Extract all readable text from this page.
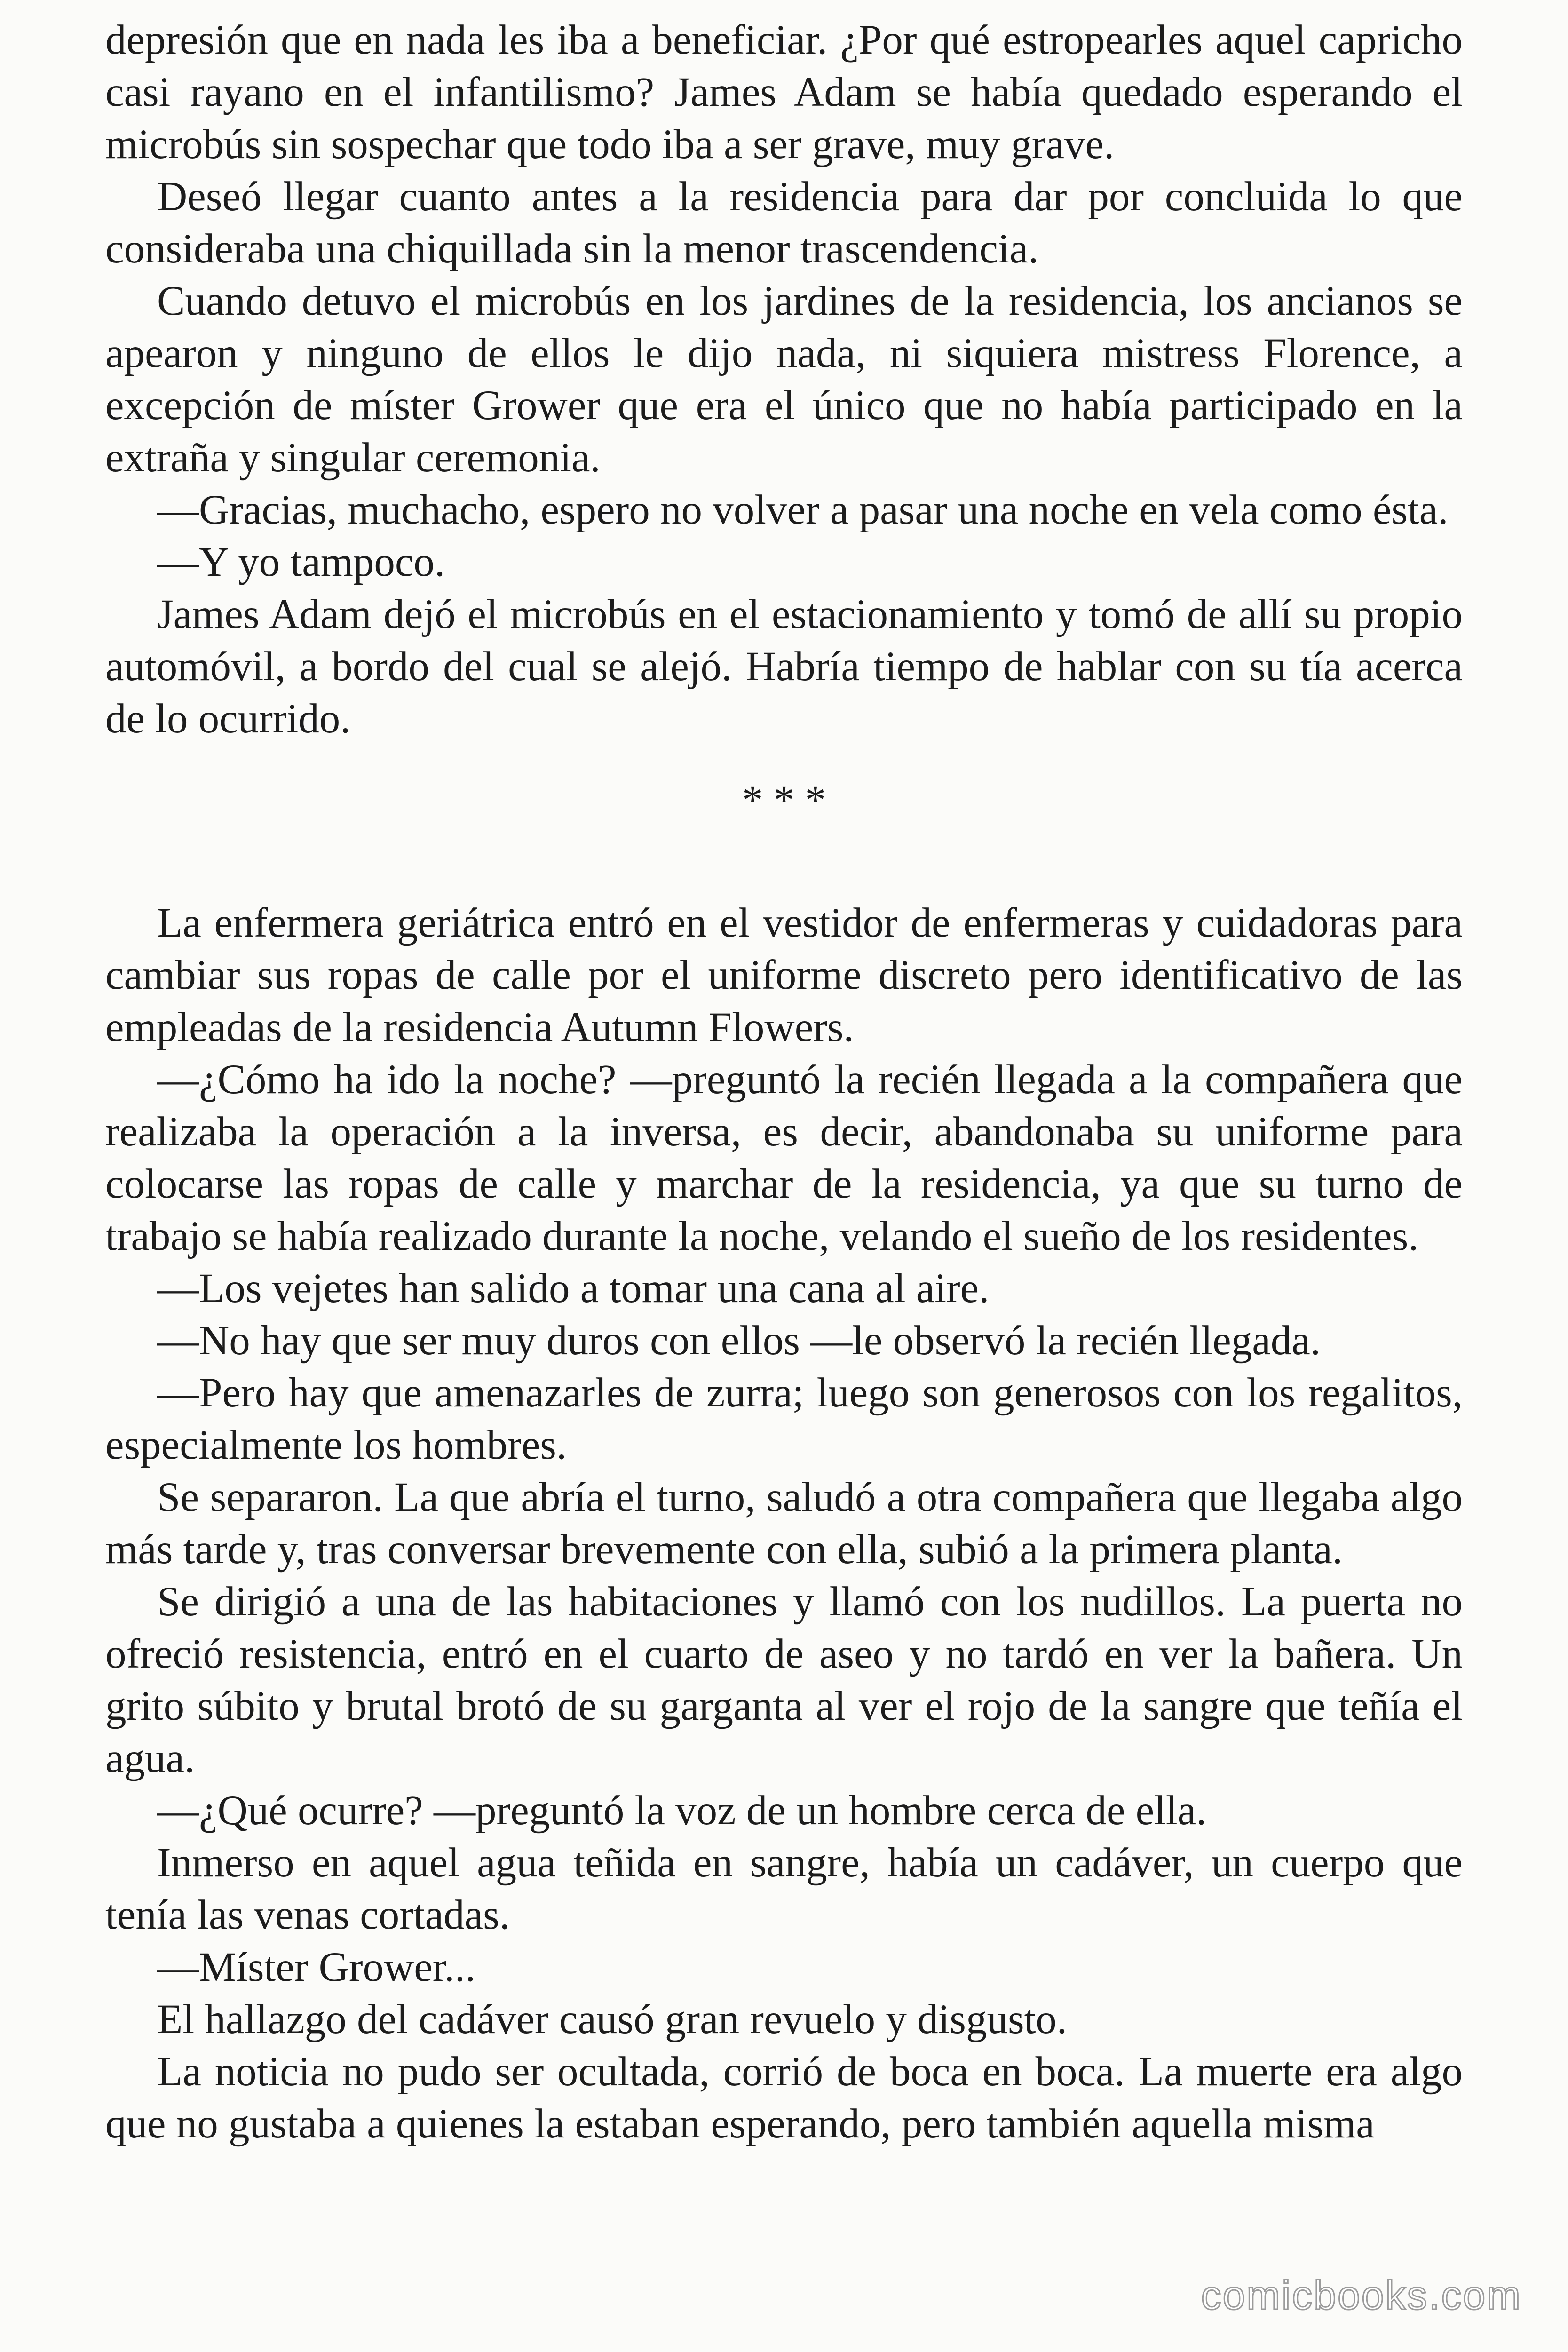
depresión que en nada les iba a beneficiar. ¿Por qué estropearles aquel capricho casi rayano en el infantilismo? James Adam se había quedado esperando el microbús sin sospechar que todo iba a ser grave, muy grave.

Deseó llegar cuanto antes a la residencia para dar por concluida lo que consideraba una chiquillada sin la menor trascendencia.

Cuando detuvo el microbús en los jardines de la residencia, los ancianos se apearon y ninguno de ellos le dijo nada, ni siquiera mistress Florence, a excepción de míster Grower que era el único que no había participado en la extraña y singular ceremonia.

—Gracias, muchacho, espero no volver a pasar una noche en vela como ésta.

—Y yo tampoco.

James Adam dejó el microbús en el estacionamiento y tomó de allí su propio automóvil, a bordo del cual se alejó. Habría tiempo de hablar con su tía acerca de lo ocurrido.

* * *

La enfermera geriátrica entró en el vestidor de enfermeras y cuidadoras para cambiar sus ropas de calle por el uniforme discreto pero identificativo de las empleadas de la residencia Autumn Flowers.

—¿Cómo ha ido la noche? —preguntó la recién llegada a la compañera que realizaba la operación a la inversa, es decir, abandonaba su uniforme para colocarse las ropas de calle y marchar de la residencia, ya que su turno de trabajo se había realizado durante la noche, velando el sueño de los residentes.

—Los vejetes han salido a tomar una cana al aire.

—No hay que ser muy duros con ellos —le observó la recién llegada.

—Pero hay que amenazarles de zurra; luego son generosos con los regalitos, especialmente los hombres.

Se separaron. La que abría el turno, saludó a otra compañera que llegaba algo más tarde y, tras conversar brevemente con ella, subió a la primera planta.

Se dirigió a una de las habitaciones y llamó con los nudillos. La puerta no ofreció resistencia, entró en el cuarto de aseo y no tardó en ver la bañera. Un grito súbito y brutal brotó de su garganta al ver el rojo de la sangre que teñía el agua.

—¿Qué ocurre? —preguntó la voz de un hombre cerca de ella.

Inmerso en aquel agua teñida en sangre, había un cadáver, un cuerpo que tenía las venas cortadas.

—Míster Grower...

El hallazgo del cadáver causó gran revuelo y disgusto.

La noticia no pudo ser ocultada, corrió de boca en boca. La muerte era algo que no gustaba a quienes la estaban esperando, pero también aquella misma

comicbooks.com
